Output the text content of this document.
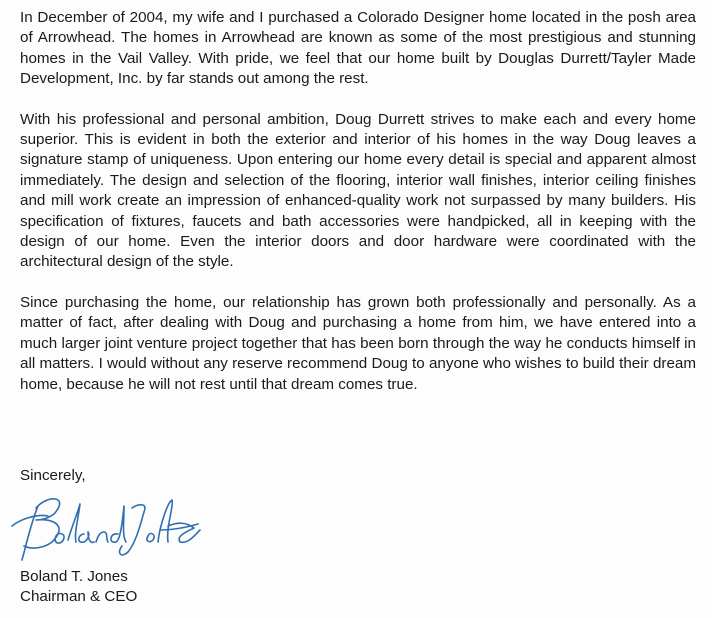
In December of 2004, my wife and I purchased a Colorado Designer home located in the posh area of Arrowhead. The homes in Arrowhead are known as some of the most prestigious and stunning homes in the Vail Valley. With pride, we feel that our home built by Douglas Durrett/Tayler Made Development, Inc. by far stands out among the rest.

With his professional and personal ambition, Doug Durrett strives to make each and every home superior. This is evident in both the exterior and interior of his homes in the way Doug leaves a signature stamp of uniqueness. Upon entering our home every detail is special and apparent almost immediately. The design and selection of the flooring, interior wall finishes, interior ceiling finishes and mill work create an impression of enhanced-quality work not surpassed by many builders. His specification of fixtures, faucets and bath accessories were handpicked, all in keeping with the design of our home. Even the interior doors and door hardware were coordinated with the architectural design of the style.

Since purchasing the home, our relationship has grown both professionally and personally. As a matter of fact, after dealing with Doug and purchasing a home from him, we have entered into a much larger joint venture project together that has been born through the way he conducts himself in all matters. I would without any reserve recommend Doug to anyone who wishes to build their dream home, because he will not rest until that dream comes true.

Sincerely,
Boland T. Jones
Chairman & CEO
